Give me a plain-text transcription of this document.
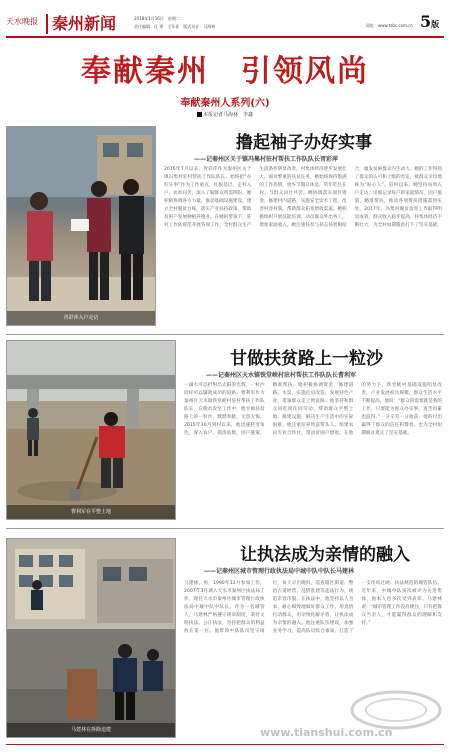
天水晚报 秦州新闻	2018年1月16日　星期二
责任编辑：任 勇　王军祥　版式设计：马海林	网址：www.tsbc.com.cn 5版
奉献秦州　引领风尚
奉献秦州人系列(六)
本报记者马海林　李鑫
胥彩萍入户走访
撸起袖子办好实事
——记秦州区关于镇冯集村驻村帮扶工作队队长胥彩萍
2016年7月以来，胥彩萍作为秦州区关于镇冯集村驻村帮扶工作队队长，始终把“办好实事”作为工作重点，扎根基层，走村入户，访贫问苦，深入了解群众所需所盼。她积极协调各方力量，推动基础设施建设，建立全村脱贫台账，落实产业扶持政策，帮助贫困户发展种植养殖业。在她的带领下，驻村工作队规范开展各项工作，全村群众生产生活条件明显改善，村集体经济逐步发展壮大。面对繁重的扶贫任务，她始终保持饱满的工作热情，放弃节假日休息，常年吃住在村，与群众同甘共苦。她协调落实项目资金，修建村内道路，实施安全饮水工程，改善村容村貌，帮助群众拓宽增收渠道。她积极组织开展技能培训，动员群众外出务工，增加家庭收入。她注重扶贫与扶志扶智相结合，激发贫困群众内生动力。她的工作得到了群众的认可和上级的肯定，被群众亲切地称为“贴心人”。驻村以来，她坚持每周入户走访，详细记录每户的家庭情况，因户施策，精准帮扶，推动各项帮扶措施落到实处。2017年，冯集村脱贫攻坚工作取得明显成效，群众收入稳步提高，村集体经济不断壮大，为全村如期脱贫打下了坚实基础。
曹利军在平整土地
甘做扶贫路上一粒沙
——记秦州区天水镇铁堂峡村驻村帮扶工作队队长曹利军
一滴水可以折射出太阳的光辉，一粒沙同样可以铺就成功的道路。曹利军作为秦州区天水镇铁堂峡村驻村帮扶工作队队长，在脱贫攻坚工作中，他甘做扶贫路上的一粒沙，默默奉献，无怨无悔。2015年10月到村以来，他迅速转变角色，深入农户，摸清底数，因户施策，精准帮扶。他积极协调资金，修建道路、水渠，实施危房改造，发展特色产业，带领群众走上致富路。他坚持和群众同吃同住同劳动，帮助群众平整土地、修建设施，解决生产生活中的实际困难。他注重培养致富带头人，组建农民专业合作社，带动贫困户增收。在他的努力下，铁堂峡村基础设施明显改善，产业发展初具规模，群众生活水平不断提高。他说：“群众的需要就是我的工作，只要能为群众办实事，再苦再累也值得。”一分辛劳一分收获，他的付出赢得了群众的信任和赞誉，也为全村如期脱贫奠定了坚实基础。
马建林在拆除违建
让执法成为亲情的融入
——记秦州区城市管理行政执法局中城中队中队长马建林
马建林，男，1990年12月参加工作，2007年3月调入天水市秦州区执法局工作，现任天水市秦州区城市管理行政执法局中城中队中队长。作为一名城管人，马建林严格遵守规章制度，秉持文明执法、公正执法，坚持把群众的利益放在第一位。他带领中队队员坚守岗位，每天早出晚归，巡查辖区街道，整治占道经营、乱搭乱建等违法行为，规范市容市貌。在执法中，他坚持以人为本，耐心细致地做好群众工作，用真情打动群众，用亲情化解矛盾，让执法成为亲情的融入。他注重队伍建设，加强业务学习，提高队员综合素质，打造了一支作风过硬、执法规范的城管队伍。近年来，中城中队多次被评为先进集体，他本人也多次受到表彰。马建林说：“城市管理工作没有捷径，只有把群众当亲人，才能赢得群众的理解和支持。”
www.tianshui.com.cn
